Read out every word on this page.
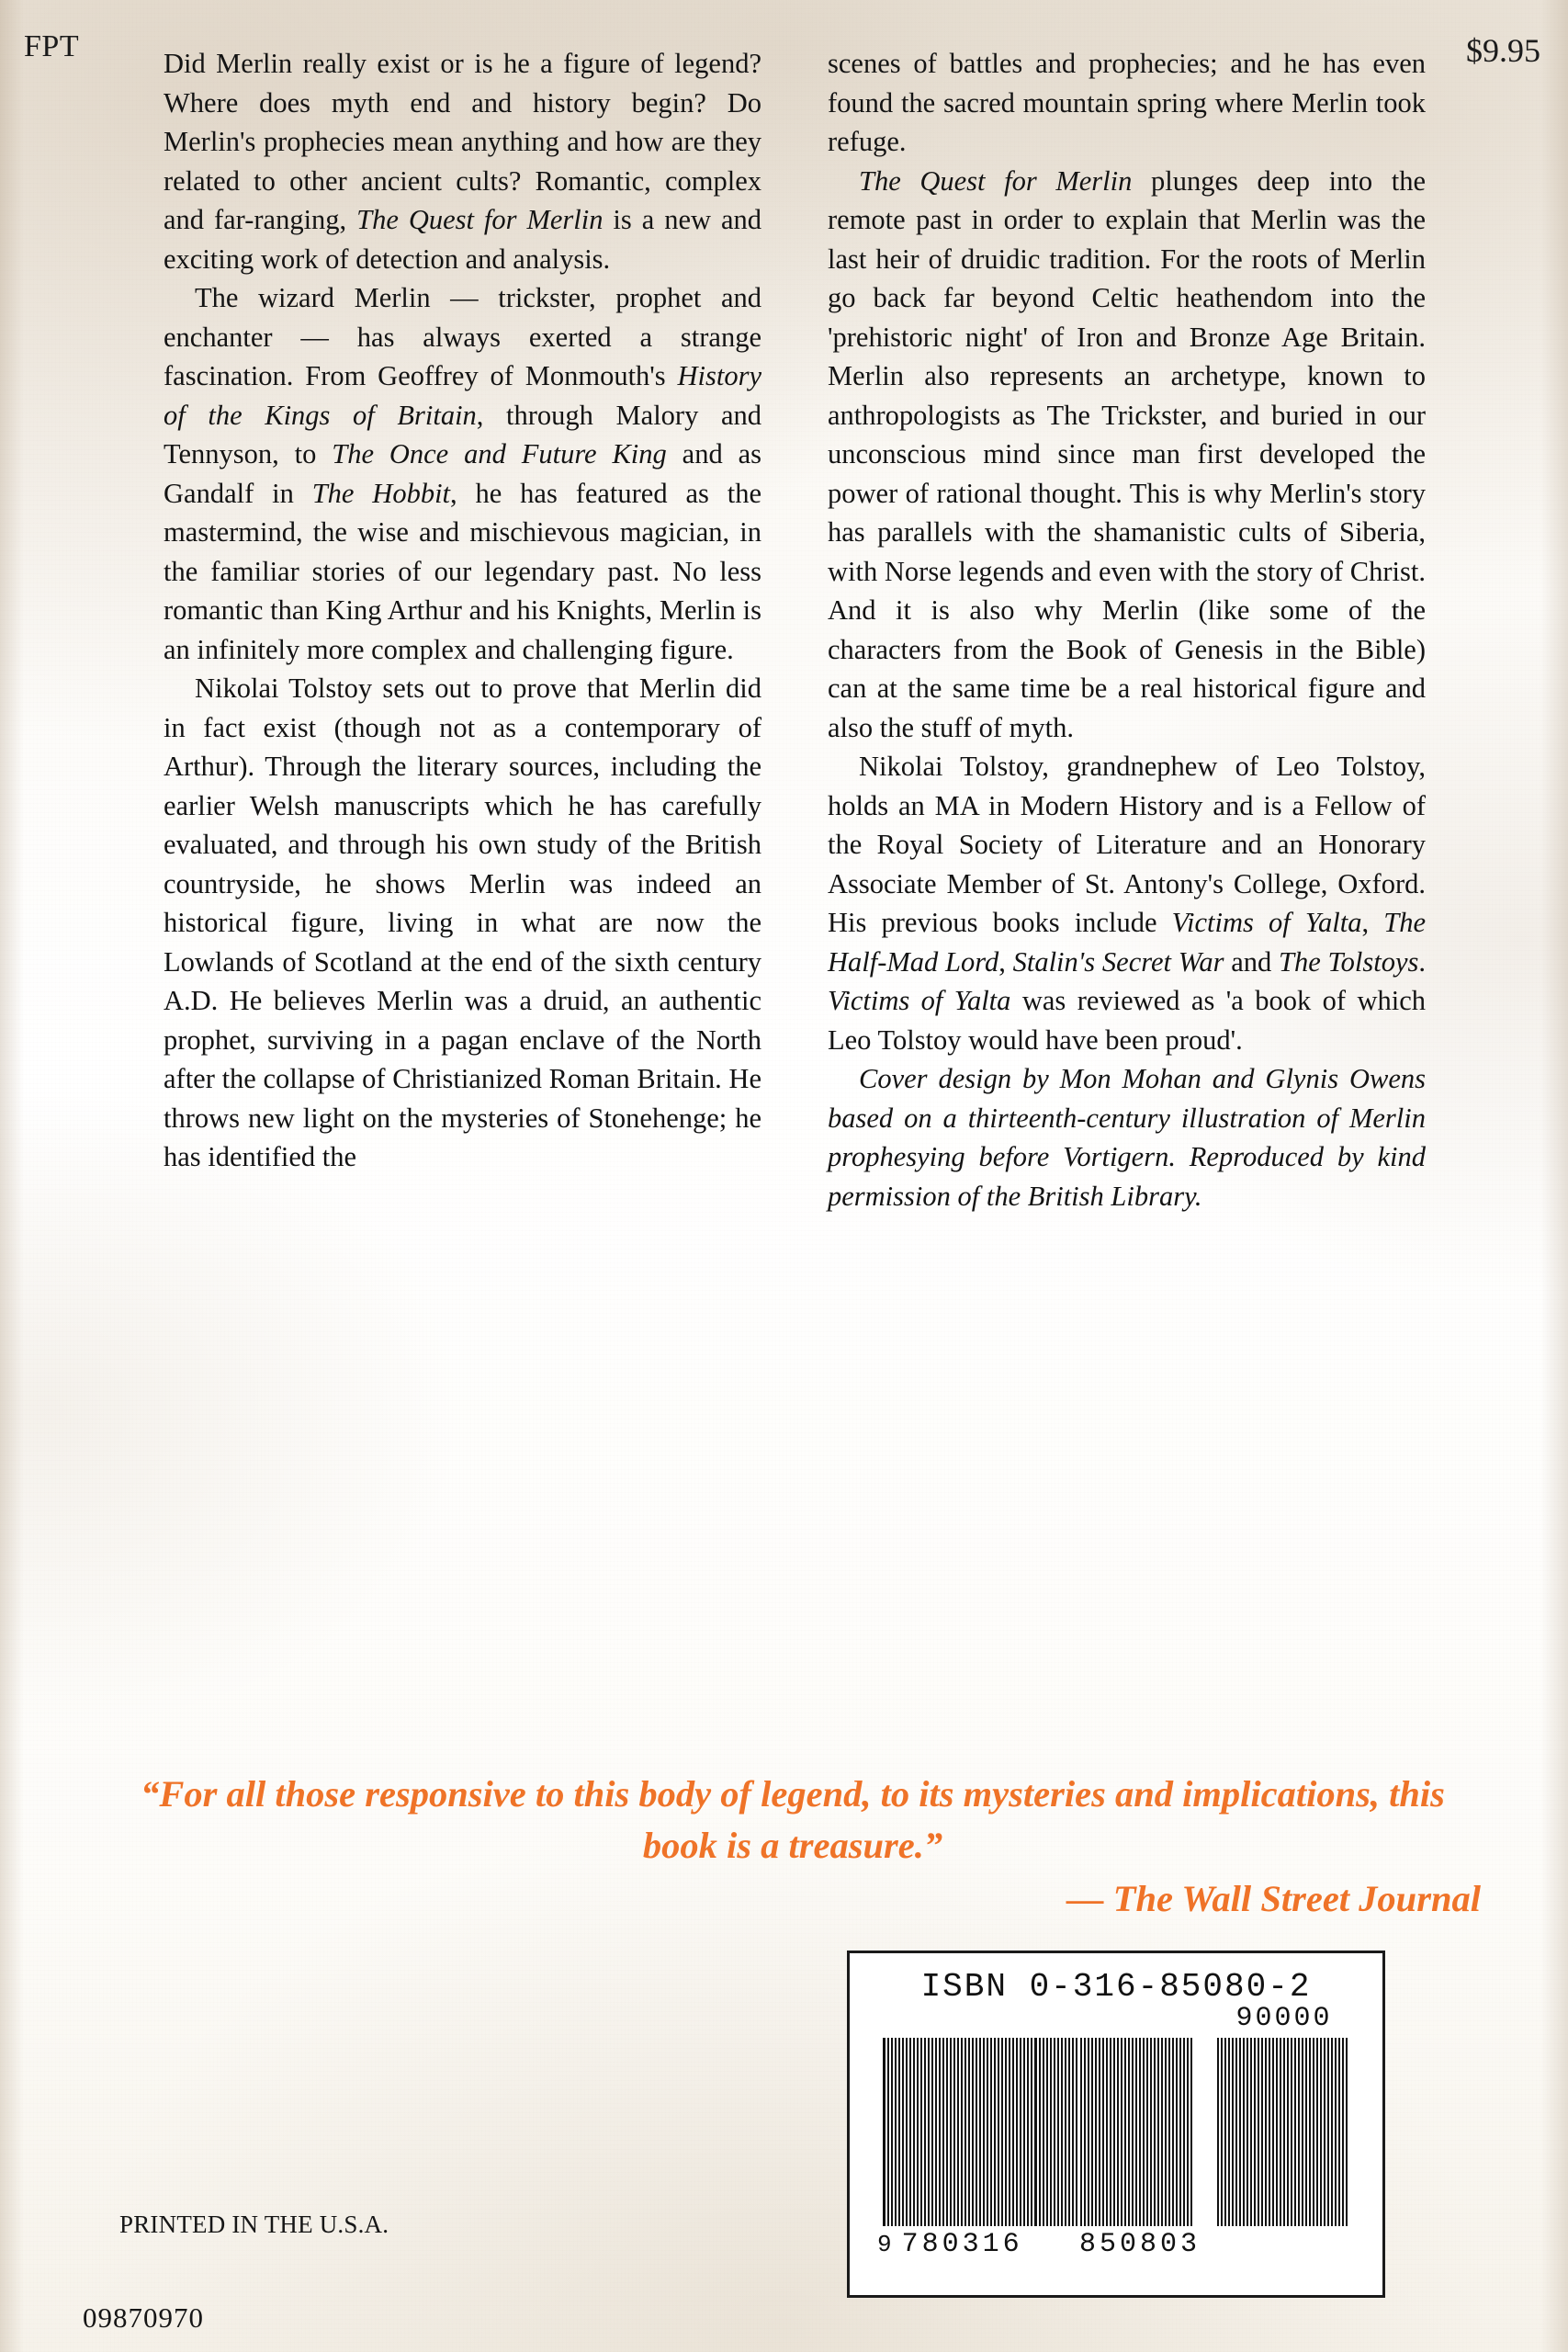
FPT	$9.95

Did Merlin really exist or is he a figure of legend? Where does myth end and history begin? Do Merlin's prophecies mean anything and how are they related to other ancient cults? Romantic, complex and far-ranging, The Quest for Merlin is a new and exciting work of detection and analysis.

The wizard Merlin — trickster, prophet and enchanter — has always exerted a strange fascination. From Geoffrey of Monmouth's History of the Kings of Britain, through Malory and Tennyson, to The Once and Future King and as Gandalf in The Hobbit, he has featured as the mastermind, the wise and mischievous magician, in the familiar stories of our legendary past. No less romantic than King Arthur and his Knights, Merlin is an infinitely more complex and challenging figure.

Nikolai Tolstoy sets out to prove that Merlin did in fact exist (though not as a contemporary of Arthur). Through the literary sources, including the earlier Welsh manuscripts which he has carefully evaluated, and through his own study of the British countryside, he shows Merlin was indeed an historical figure, living in what are now the Lowlands of Scotland at the end of the sixth century A.D. He believes Merlin was a druid, an authentic prophet, surviving in a pagan enclave of the North after the collapse of Christianized Roman Britain. He throws new light on the mysteries of Stonehenge; he has identified the

scenes of battles and prophecies; and he has even found the sacred mountain spring where Merlin took refuge.

The Quest for Merlin plunges deep into the remote past in order to explain that Merlin was the last heir of druidic tradition. For the roots of Merlin go back far beyond Celtic heathendom into the 'prehistoric night' of Iron and Bronze Age Britain. Merlin also represents an archetype, known to anthropologists as The Trickster, and buried in our unconscious mind since man first developed the power of rational thought. This is why Merlin's story has parallels with the shamanistic cults of Siberia, with Norse legends and even with the story of Christ. And it is also why Merlin (like some of the characters from the Book of Genesis in the Bible) can at the same time be a real historical figure and also the stuff of myth.

Nikolai Tolstoy, grandnephew of Leo Tolstoy, holds an MA in Modern History and is a Fellow of the Royal Society of Literature and an Honorary Associate Member of St. Antony's College, Oxford. His previous books include Victims of Yalta, The Half-Mad Lord, Stalin's Secret War and The Tolstoys. Victims of Yalta was reviewed as 'a book of which Leo Tolstoy would have been proud'.

Cover design by Mon Mohan and Glynis Owens based on a thirteenth-century illustration of Merlin prophesying before Vortigern. Reproduced by kind permission of the British Library.

“For all those responsive to this body of legend, to its mysteries and implications, this book is a treasure.”
— The Wall Street Journal
PRINTED IN THE U.S.A.
09870970
ISBN 0-316-85080-2
90000
9 780316 850803
